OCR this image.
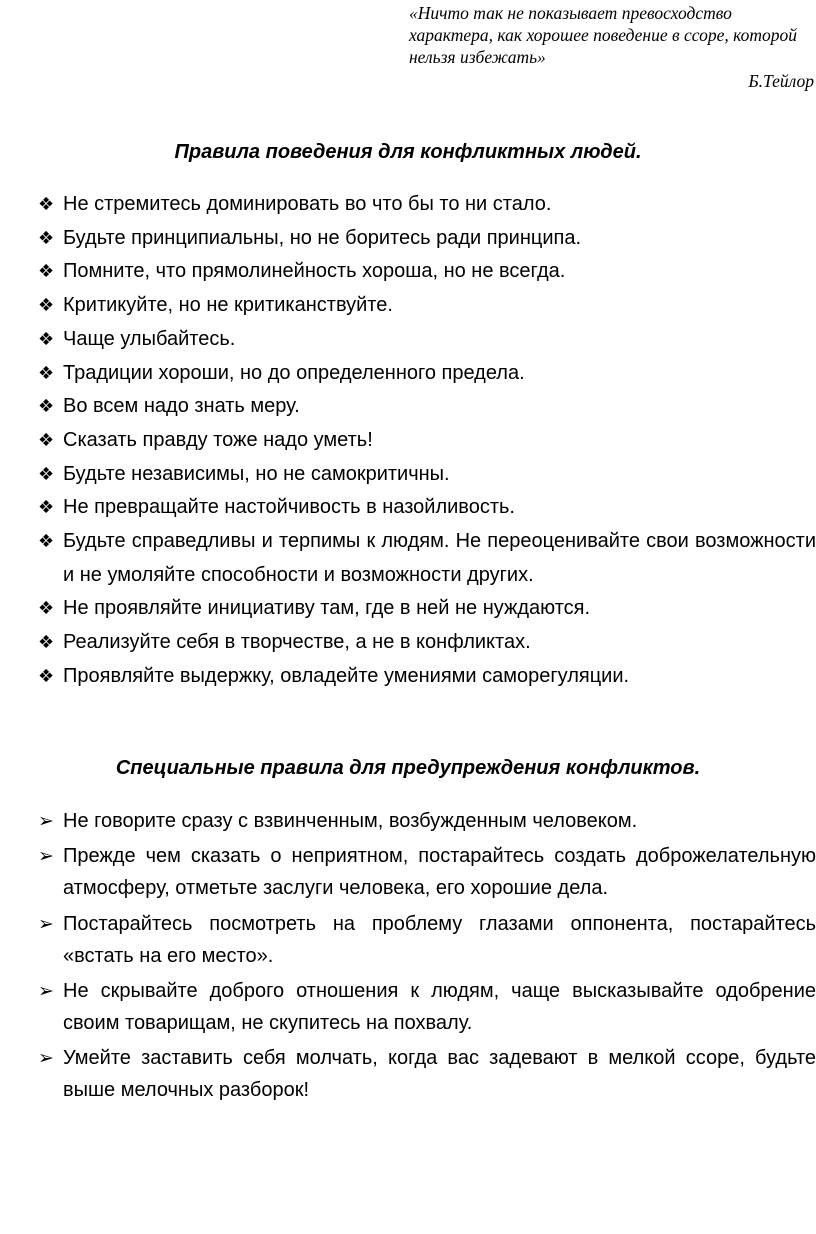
«Ничто так не показывает превосходство характера, как хорошее поведение в ссоре, которой нельзя избежать»
Б.Тейлор
Правила поведения для конфликтных людей.
❖ Не стремитесь доминировать во что бы то ни стало.
❖ Будьте принципиальны, но не боритесь ради принципа.
❖ Помните, что прямолинейность хороша, но не всегда.
❖ Критикуйте, но не критиканствуйте.
❖ Чаще улыбайтесь.
❖ Традиции хороши, но до определенного предела.
❖ Во всем надо знать меру.
❖ Сказать правду тоже надо уметь!
❖ Будьте независимы, но не самокритичны.
❖ Не превращайте настойчивость в назойливость.
❖ Будьте справедливы и терпимы к людям. Не переоценивайте свои возможности и не умоляйте способности и возможности других.
❖ Не проявляйте инициативу там, где в ней не нуждаются.
❖ Реализуйте себя в творчестве, а не в конфликтах.
❖ Проявляйте выдержку, овладейте умениями саморегуляции.
Специальные правила для предупреждения конфликтов.
➢ Не говорите сразу с взвинченным, возбужденным человеком.
➢ Прежде чем сказать о неприятном, постарайтесь создать доброжелательную атмосферу, отметьте заслуги человека, его хорошие дела.
➢ Постарайтесь посмотреть на проблему глазами оппонента, постарайтесь «встать на его место».
➢ Не скрывайте доброго отношения к людям, чаще высказывайте одобрение своим товарищам, не скупитесь на похвалу.
➢ Умейте заставить себя молчать, когда вас задевают в мелкой ссоре, будьте выше мелочных разборок!
